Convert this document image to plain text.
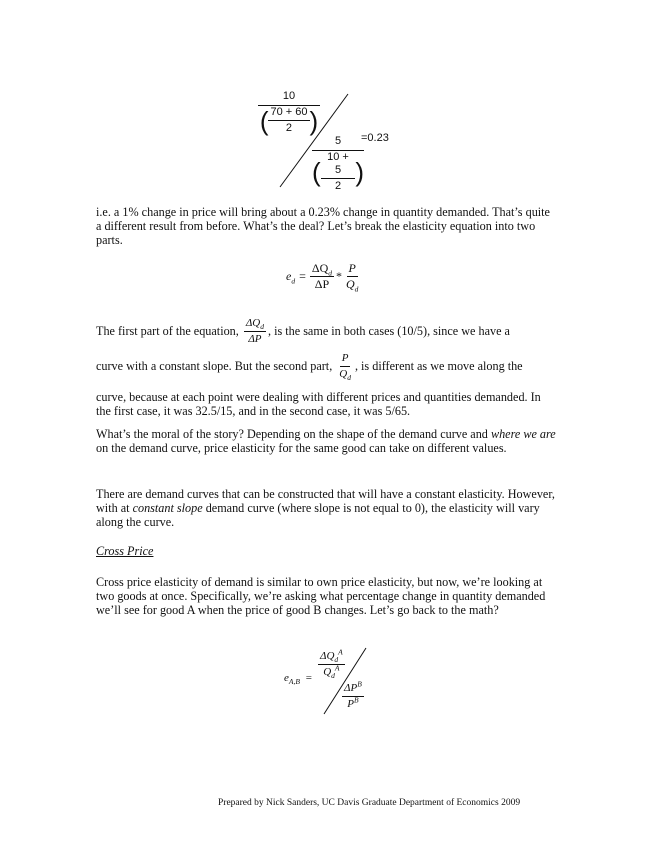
10
( $\frac{70 + 60}{2}$ )
5
( $\frac{10 + 5}{2}$ )
=0.23
i.e. a 1% change in price will bring about a 0.23% change in quantity demanded. That’s quite a different result from before. What’s the deal? Let’s break the elasticity equation into two parts.
$e_d = \frac{\Delta Q_d}{\Delta P} * \frac{P}{Q_d}$
The first part of the equation, $\frac{\Delta Q_d}{\Delta P}$ , is the same in both cases (10/5), since we have a
curve with a constant slope. But the second part, $\frac{P}{Q_d}$ , is different as we move along the
curve, because at each point were dealing with different prices and quantities demanded. In the first case, it was 32.5/15, and in the second case, it was 5/65.
What’s the moral of the story? Depending on the shape of the demand curve and where we are on the demand curve, price elasticity for the same good can take on different values.
There are demand curves that can be constructed that will have a constant elasticity. However, with at constant slope demand curve (where slope is not equal to 0), the elasticity will vary along the curve.
Cross Price
Cross price elasticity of demand is similar to own price elasticity, but now, we’re looking at two goods at once. Specifically, we’re asking what percentage change in quantity demanded we’ll see for good A when the price of good B changes. Let’s go back to the math?
$e_{A,B}$ =
$\Delta Q_d^A$
$Q_d^A$
$\Delta P^B$
$P^B$
Prepared by Nick Sanders, UC Davis Graduate Department of Economics 2009
